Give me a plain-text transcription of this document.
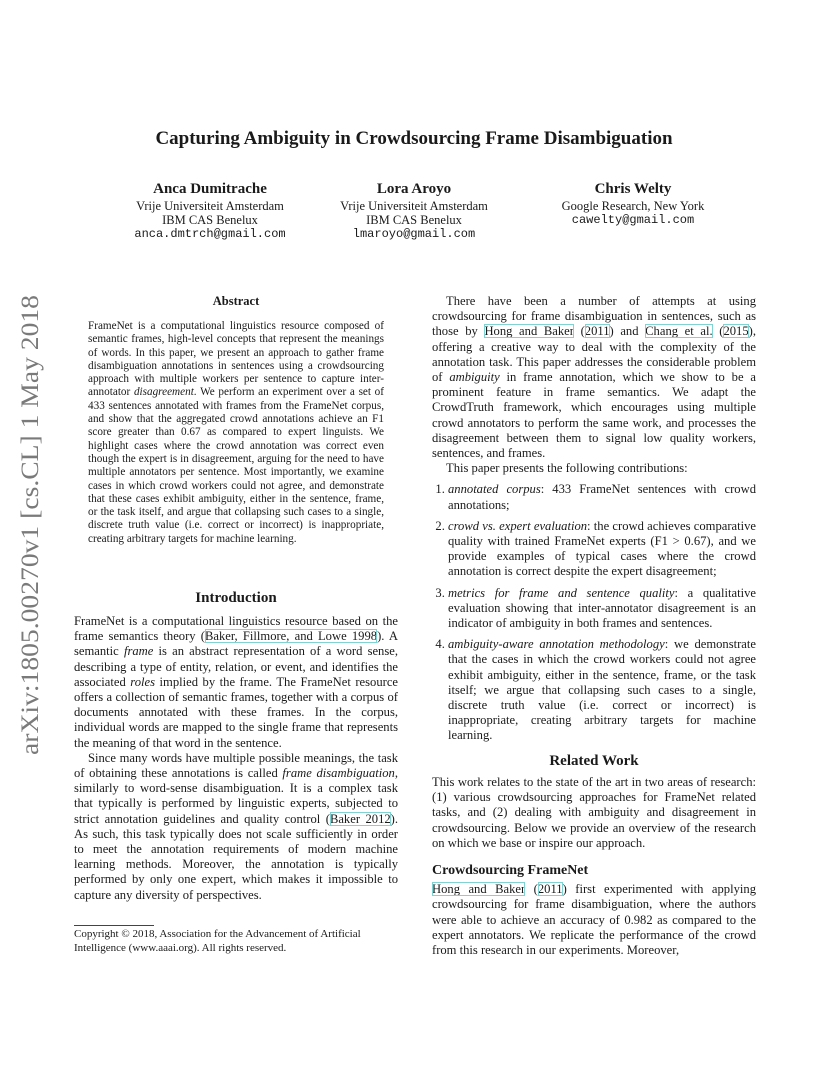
arXiv:1805.00270v1 [cs.CL] 1 May 2018
Capturing Ambiguity in Crowdsourcing Frame Disambiguation
Anca Dumitrache
Vrije Universiteit Amsterdam
IBM CAS Benelux
anca.dmtrch@gmail.com
Lora Aroyo
Vrije Universiteit Amsterdam
IBM CAS Benelux
lmaroyo@gmail.com
Chris Welty
Google Research, New York
cawelty@gmail.com
Abstract
FrameNet is a computational linguistics resource composed of semantic frames, high-level concepts that represent the meanings of words. In this paper, we present an approach to gather frame disambiguation annotations in sentences using a crowdsourcing approach with multiple workers per sentence to capture inter-annotator disagreement. We perform an experiment over a set of 433 sentences annotated with frames from the FrameNet corpus, and show that the aggregated crowd annotations achieve an F1 score greater than 0.67 as compared to expert linguists. We highlight cases where the crowd annotation was correct even though the expert is in disagreement, arguing for the need to have multiple annotators per sentence. Most importantly, we examine cases in which crowd workers could not agree, and demonstrate that these cases exhibit ambiguity, either in the sentence, frame, or the task itself, and argue that collapsing such cases to a single, discrete truth value (i.e. correct or incorrect) is inappropriate, creating arbitrary targets for machine learning.
Introduction

FrameNet is a computational linguistics resource based on the frame semantics theory (Baker, Fillmore, and Lowe 1998). A semantic frame is an abstract representation of a word sense, describing a type of entity, relation, or event, and identifies the associated roles implied by the frame. The FrameNet resource offers a collection of semantic frames, together with a corpus of documents annotated with these frames. In the corpus, individual words are mapped to the single frame that represents the meaning of that word in the sentence.

Since many words have multiple possible meanings, the task of obtaining these annotations is called frame disambiguation, similarly to word-sense disambiguation. It is a complex task that typically is performed by linguistic experts, subjected to strict annotation guidelines and quality control (Baker 2012). As such, this task typically does not scale sufficiently in order to meet the annotation requirements of modern machine learning methods. Moreover, the annotation is typically performed by only one expert, which makes it impossible to capture any diversity of perspectives.

Copyright © 2018, Association for the Advancement of Artificial Intelligence (www.aaai.org). All rights reserved.

There have been a number of attempts at using crowdsourcing for frame disambiguation in sentences, such as those by Hong and Baker (2011) and Chang et al. (2015), offering a creative way to deal with the complexity of the annotation task. This paper addresses the considerable problem of ambiguity in frame annotation, which we show to be a prominent feature in frame semantics. We adapt the CrowdTruth framework, which encourages using multiple crowd annotators to perform the same work, and processes the disagreement between them to signal low quality workers, sentences, and frames.

This paper presents the following contributions:

1. annotated corpus: 433 FrameNet sentences with crowd annotations;
2. crowd vs. expert evaluation: the crowd achieves comparative quality with trained FrameNet experts (F1 > 0.67), and we provide examples of typical cases where the crowd annotation is correct despite the expert disagreement;
3. metrics for frame and sentence quality: a qualitative evaluation showing that inter-annotator disagreement is an indicator of ambiguity in both frames and sentences.
4. ambiguity-aware annotation methodology: we demonstrate that the cases in which the crowd workers could not agree exhibit ambiguity, either in the sentence, frame, or the task itself; we argue that collapsing such cases to a single, discrete truth value (i.e. correct or incorrect) is inappropriate, creating arbitrary targets for machine learning.
Related Work

This work relates to the state of the art in two areas of research: (1) various crowdsourcing approaches for FrameNet related tasks, and (2) dealing with ambiguity and disagreement in crowdsourcing. Below we provide an overview of the research on which we base or inspire our approach.

Crowdsourcing FrameNet

Hong and Baker (2011) first experimented with applying crowdsourcing for frame disambiguation, where the authors were able to achieve an accuracy of 0.982 as compared to the expert annotators. We replicate the performance of the crowd from this research in our experiments. Moreover,
